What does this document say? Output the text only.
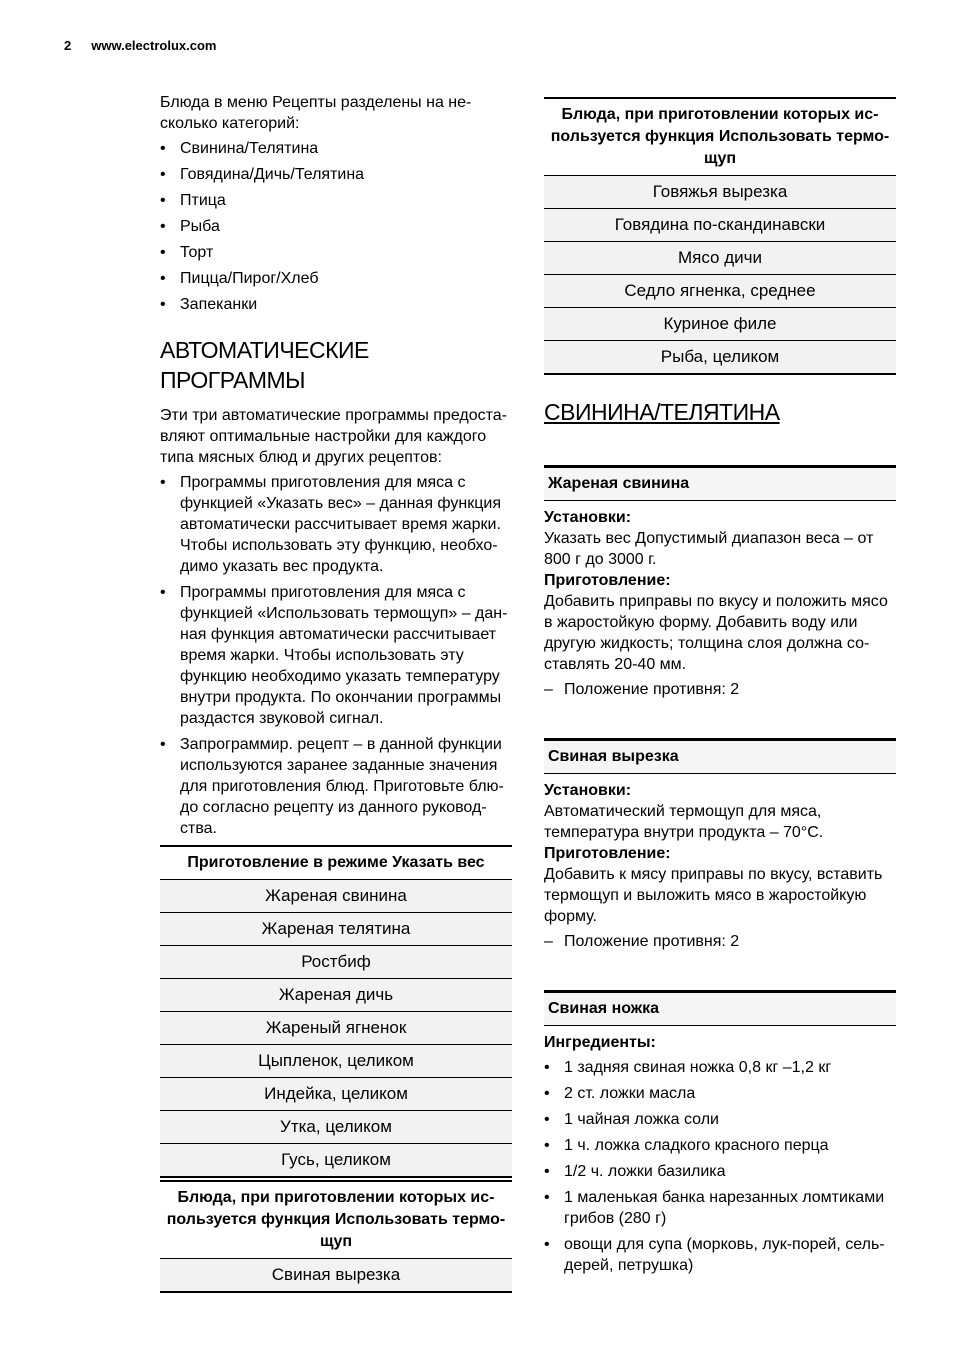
2 www.electrolux.com

Блюда в меню Рецепты разделены на несколько категорий:

• Свинина/Телятина
• Говядина/Дичь/Телятина
• Птица
• Рыба
• Торт
• Пицца/Пирог/Хлеб
• Запеканки
АВТОМАТИЧЕСКИЕ ПРОГРАММЫ

Эти три автоматические программы предоставляют оптимальные настройки для каждого типа мясных блюд и других рецептов:

• Программы приготовления для мяса с функцией «Указать вес» – данная функция автоматически рассчитывает время жарки. Чтобы использовать эту функцию, необходимо указать вес продукта.
• Программы приготовления для мяса с функцией «Использовать термощуп» – данная функция автоматически рассчитывает время жарки. Чтобы использовать эту функцию необходимо указать температуру внутри продукта. По окончании программы раздастся звуковой сигнал.
• Запрограммир. рецепт – в данной функции используются заранее заданные значения для приготовления блюд. Приготовьте блюдо согласно рецепту из данного руководства.
Приготовление в режиме Указать вес
Жареная свинина
Жареная телятина
Ростбиф
Жареная дичь
Жареный ягненок
Цыпленок, целиком
Индейка, целиком
Утка, целиком
Гусь, целиком
Блюда, при приготовлении которых используется функция Использовать термощуп
Свиная вырезка
Блюда, при приготовлении которых используется функция Использовать термощуп
Говяжья вырезка
Говядина по-скандинавски
Мясо дичи
Седло ягненка, среднее
Куриное филе
Рыба, целиком
СВИНИНА/ТЕЛЯТИНА
Жареная свинина
Установки:

Указать вес Допустимый диапазон веса – от 800 г до 3000 г.

Приготовление:

Добавить приправы по вкусу и положить мясо в жаростойкую форму. Добавить воду или другую жидкость; толщина слоя должна составлять 20-40 мм.

– Положение противня: 2
Свиная вырезка
Установки:

Автоматический термощуп для мяса, температура внутри продукта – 70°C.

Приготовление:

Добавить к мясу приправы по вкусу, вставить термощуп и выложить мясо в жаростойкую форму.

– Положение противня: 2
Свиная ножка
Ингредиенты:
• 1 задняя свиная ножка 0,8 кг –1,2 кг
• 2 ст. ложки масла
• 1 чайная ложка соли
• 1 ч. ложка сладкого красного перца
• 1/2 ч. ложки базилика
• 1 маленькая банка нарезанных ломтиками грибов (280 г)
• овощи для супа (морковь, лук-порей, сельдерей, петрушка)
